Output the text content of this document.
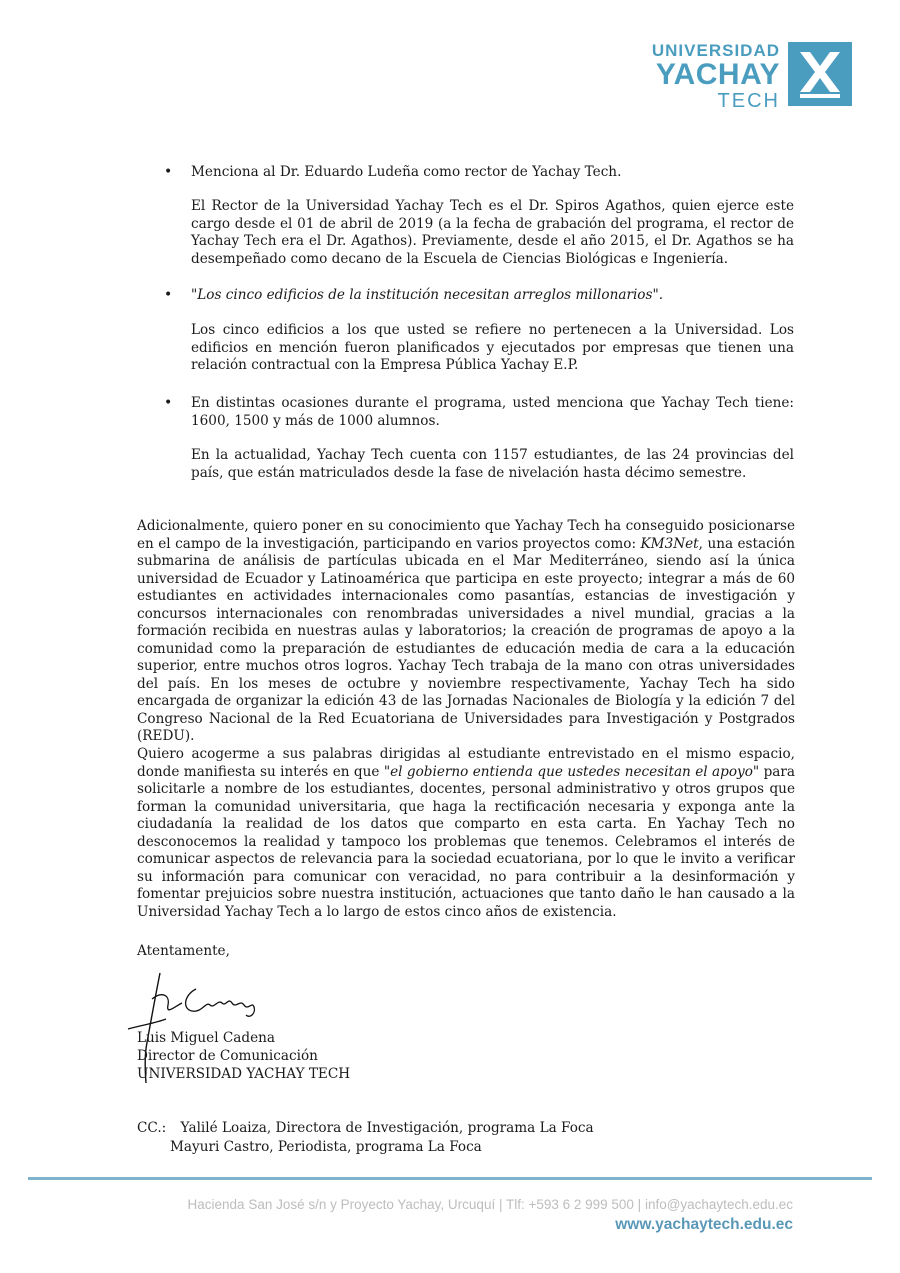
UNIVERSIDAD
YACHAY
TECH
• Menciona al Dr. Eduardo Ludeña como rector de Yachay Tech.
El Rector de la Universidad Yachay Tech es el Dr. Spiros Agathos, quien ejerce este cargo desde el 01 de abril de 2019 (a la fecha de grabación del programa, el rector de Yachay Tech era el Dr. Agathos). Previamente, desde el año 2015, el Dr. Agathos se ha desempeñado como decano de la Escuela de Ciencias Biológicas e Ingeniería.
• "Los cinco edificios de la institución necesitan arreglos millonarios".
Los cinco edificios a los que usted se refiere no pertenecen a la Universidad. Los edificios en mención fueron planificados y ejecutados por empresas que tienen una relación contractual con la Empresa Pública Yachay E.P.
• En distintas ocasiones durante el programa, usted menciona que Yachay Tech tiene: 1600, 1500 y más de 1000 alumnos.
En la actualidad, Yachay Tech cuenta con 1157 estudiantes, de las 24 provincias del país, que están matriculados desde la fase de nivelación hasta décimo semestre.
Adicionalmente, quiero poner en su conocimiento que Yachay Tech ha conseguido posicionarse en el campo de la investigación, participando en varios proyectos como: KM3Net, una estación submarina de análisis de partículas ubicada en el Mar Mediterráneo, siendo así la única universidad de Ecuador y Latinoamérica que participa en este proyecto; integrar a más de 60 estudiantes en actividades internacionales como pasantías, estancias de investigación y concursos internacionales con renombradas universidades a nivel mundial, gracias a la formación recibida en nuestras aulas y laboratorios; la creación de programas de apoyo a la comunidad como la preparación de estudiantes de educación media de cara a la educación superior, entre muchos otros logros. Yachay Tech trabaja de la mano con otras universidades del país. En los meses de octubre y noviembre respectivamente, Yachay Tech ha sido encargada de organizar la edición 43 de las Jornadas Nacionales de Biología y la edición 7 del Congreso Nacional de la Red Ecuatoriana de Universidades para Investigación y Postgrados (REDU).
Quiero acogerme a sus palabras dirigidas al estudiante entrevistado en el mismo espacio, donde manifiesta su interés en que "el gobierno entienda que ustedes necesitan el apoyo" para solicitarle a nombre de los estudiantes, docentes, personal administrativo y otros grupos que forman la comunidad universitaria, que haga la rectificación necesaria y exponga ante la ciudadanía la realidad de los datos que comparto en esta carta. En Yachay Tech no desconocemos la realidad y tampoco los problemas que tenemos. Celebramos el interés de comunicar aspectos de relevancia para la sociedad ecuatoriana, por lo que le invito a verificar su información para comunicar con veracidad, no para contribuir a la desinformación y fomentar prejuicios sobre nuestra institución, actuaciones que tanto daño le han causado a la Universidad Yachay Tech a lo largo de estos cinco años de existencia.
Atentamente,
Luis Miguel Cadena
Director de Comunicación
UNIVERSIDAD YACHAY TECH
CC.: Yalilé Loaiza, Directora de Investigación, programa La Foca
Mayuri Castro, Periodista, programa La Foca
Hacienda San José s/n y Proyecto Yachay, Urcuquí | Tlf: +593 6 2 999 500 | info@yachaytech.edu.ec
www.yachaytech.edu.ec
